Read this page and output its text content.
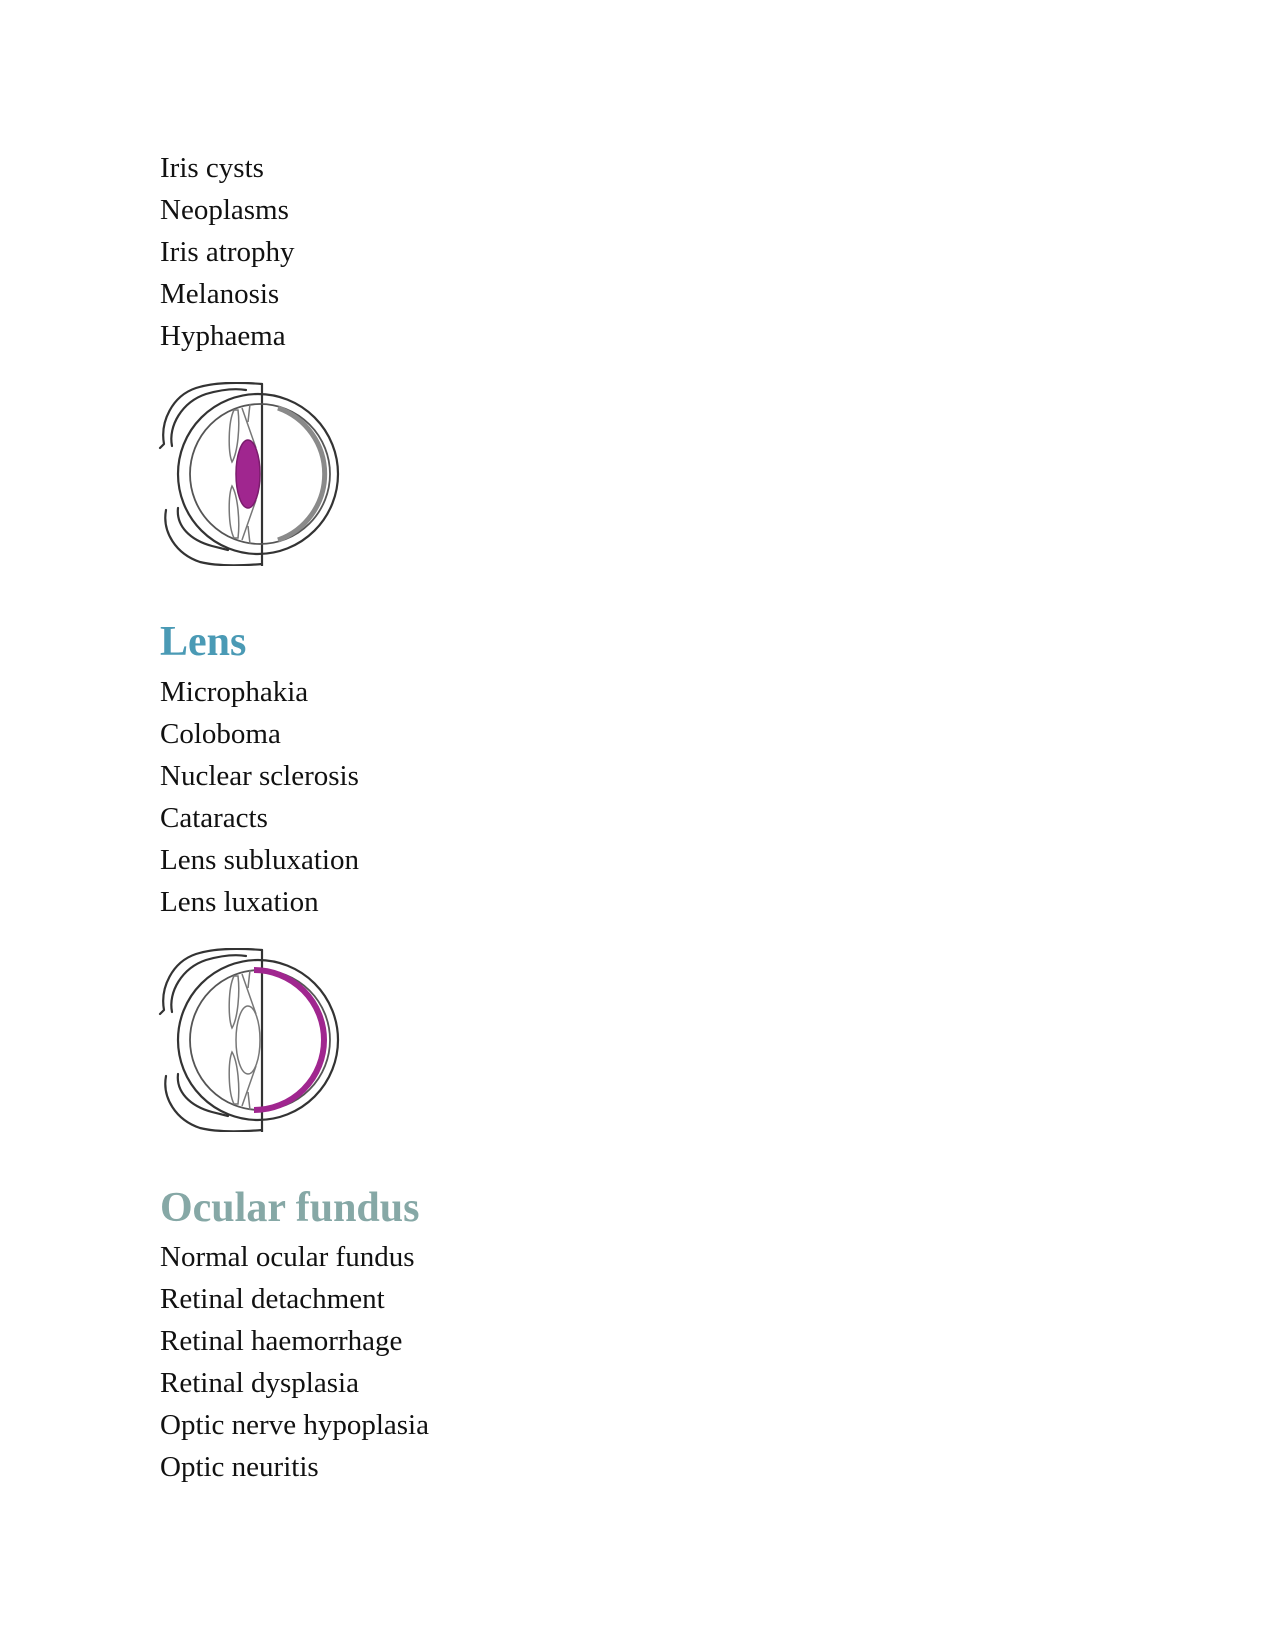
Iris cysts
Neoplasms
Iris atrophy
Melanosis
Hyphaema
Lens
Microphakia
Coloboma
Nuclear sclerosis
Cataracts
Lens subluxation
Lens luxation
Ocular fundus
Normal ocular fundus
Retinal detachment
Retinal haemorrhage
Retinal dysplasia
Optic nerve hypoplasia
Optic neuritis
